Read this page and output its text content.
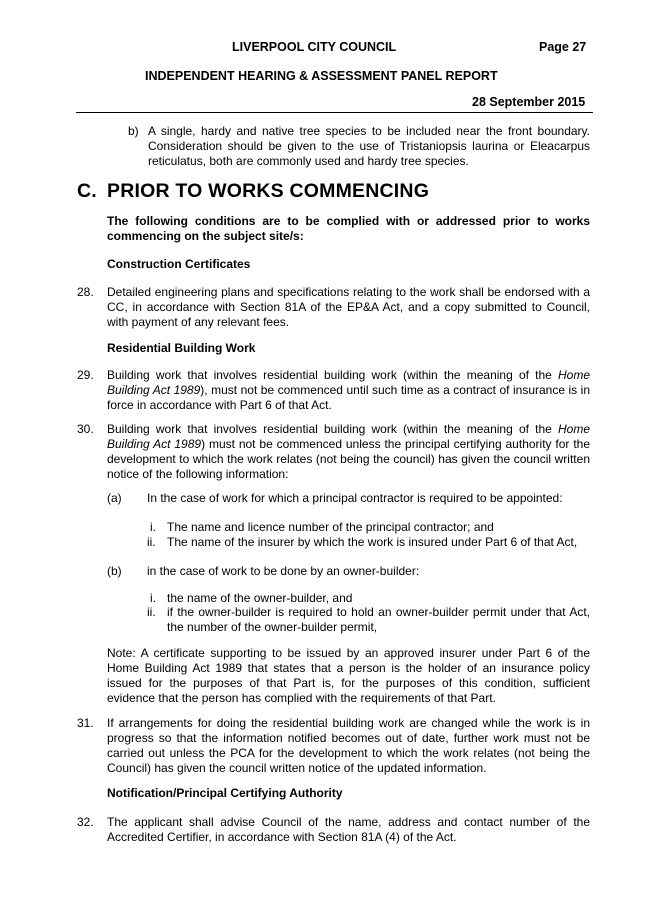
LIVERPOOL CITY COUNCIL	Page 27
INDEPENDENT HEARING & ASSESSMENT PANEL REPORT
28 September 2015
b) A single, hardy and native tree species to be included near the front boundary. Consideration should be given to the use of Tristaniopsis laurina or Eleacarpus reticulatus, both are commonly used and hardy tree species.
C. PRIOR TO WORKS COMMENCING
The following conditions are to be complied with or addressed prior to works commencing on the subject site/s:
Construction Certificates
28. Detailed engineering plans and specifications relating to the work shall be endorsed with a CC, in accordance with Section 81A of the EP&A Act, and a copy submitted to Council, with payment of any relevant fees.
Residential Building Work
29. Building work that involves residential building work (within the meaning of the Home Building Act 1989), must not be commenced until such time as a contract of insurance is in force in accordance with Part 6 of that Act.
30. Building work that involves residential building work (within the meaning of the Home Building Act 1989) must not be commenced unless the principal certifying authority for the development to which the work relates (not being the council) has given the council written notice of the following information:
(a) In the case of work for which a principal contractor is required to be appointed:
i. The name and licence number of the principal contractor; and
ii. The name of the insurer by which the work is insured under Part 6 of that Act,
(b) in the case of work to be done by an owner-builder:
i. the name of the owner-builder, and
ii. if the owner-builder is required to hold an owner-builder permit under that Act, the number of the owner-builder permit,
Note: A certificate supporting to be issued by an approved insurer under Part 6 of the Home Building Act 1989 that states that a person is the holder of an insurance policy issued for the purposes of that Part is, for the purposes of this condition, sufficient evidence that the person has complied with the requirements of that Part.
31. If arrangements for doing the residential building work are changed while the work is in progress so that the information notified becomes out of date, further work must not be carried out unless the PCA for the development to which the work relates (not being the Council) has given the council written notice of the updated information.
Notification/Principal Certifying Authority
32. The applicant shall advise Council of the name, address and contact number of the Accredited Certifier, in accordance with Section 81A (4) of the Act.
